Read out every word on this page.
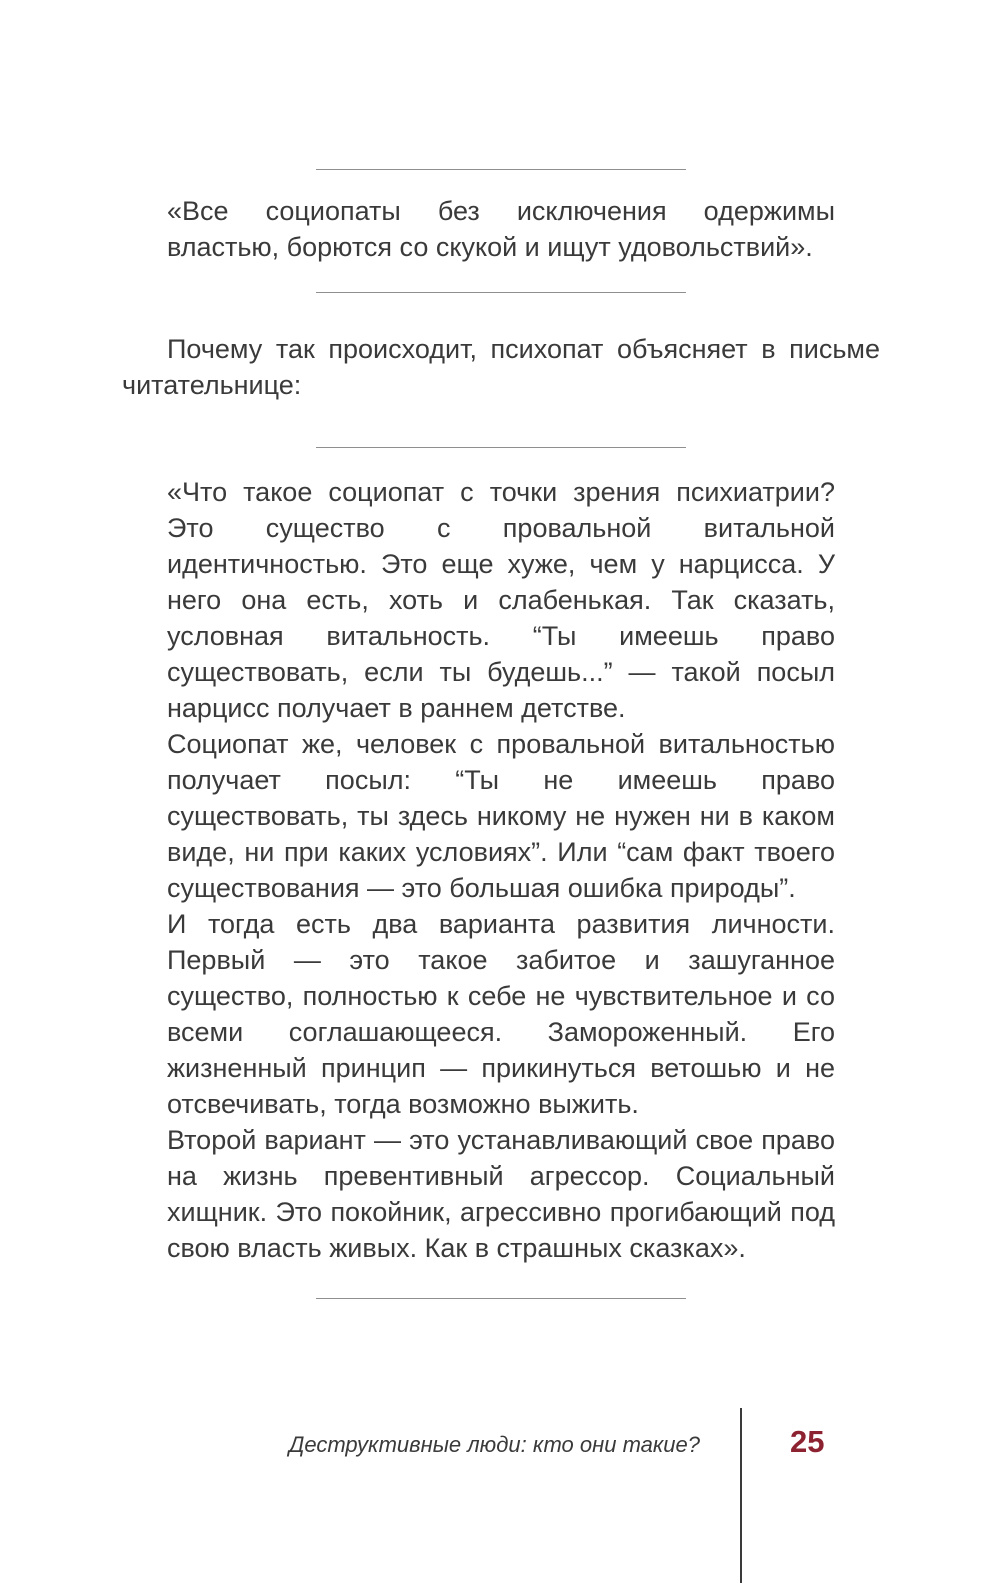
«Все социопаты без исключения одержимы властью, борются со скукой и ищут удовольствий».

Почему так происходит, психопат объясняет в письме читательнице:

«Что такое социопат с точки зрения психиатрии? Это существо с провальной витальной идентичностью. Это еще хуже, чем у нарцисса. У него она есть, хоть и слабенькая. Так сказать, условная витальность. “Ты имеешь право существовать, если ты будешь...” — такой посыл нарцисс получает в раннем детстве.

Социопат же, человек с провальной витальностью получает посыл: “Ты не имеешь право существовать, ты здесь никому не нужен ни в каком виде, ни при каких условиях”. Или “сам факт твоего существования — это большая ошибка природы”.

И тогда есть два варианта развития личности. Первый — это такое забитое и зашуганное существо, полностью к себе не чувствительное и со всеми соглашающееся. Замороженный. Его жизненный принцип — прикинуться ветошью и не отсвечивать, тогда возможно выжить.

Второй вариант — это устанавливающий свое право на жизнь превентивный агрессор. Социальный хищник. Это покойник, агрессивно прогибающий под свою власть живых. Как в страшных сказках».

Деструктивные люди: кто они такие?	25
